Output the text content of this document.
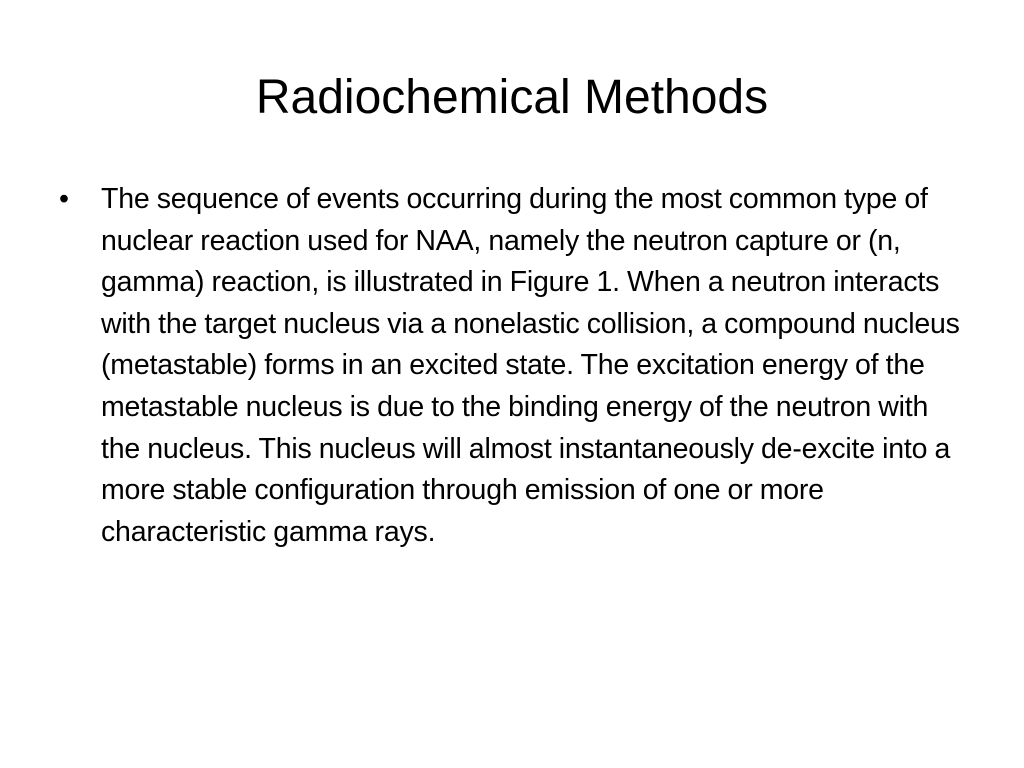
Radiochemical Methods
• The sequence of events occurring during the most common type of nuclear reaction used for NAA, namely the neutron capture or (n, gamma) reaction, is illustrated in Figure 1. When a neutron interacts with the target nucleus via a nonelastic collision, a compound nucleus (metastable) forms in an excited state. The excitation energy of the metastable nucleus is due to the binding energy of the neutron with the nucleus. This nucleus will almost instantaneously de-excite into a more stable configuration through emission of one or more characteristic gamma rays.
